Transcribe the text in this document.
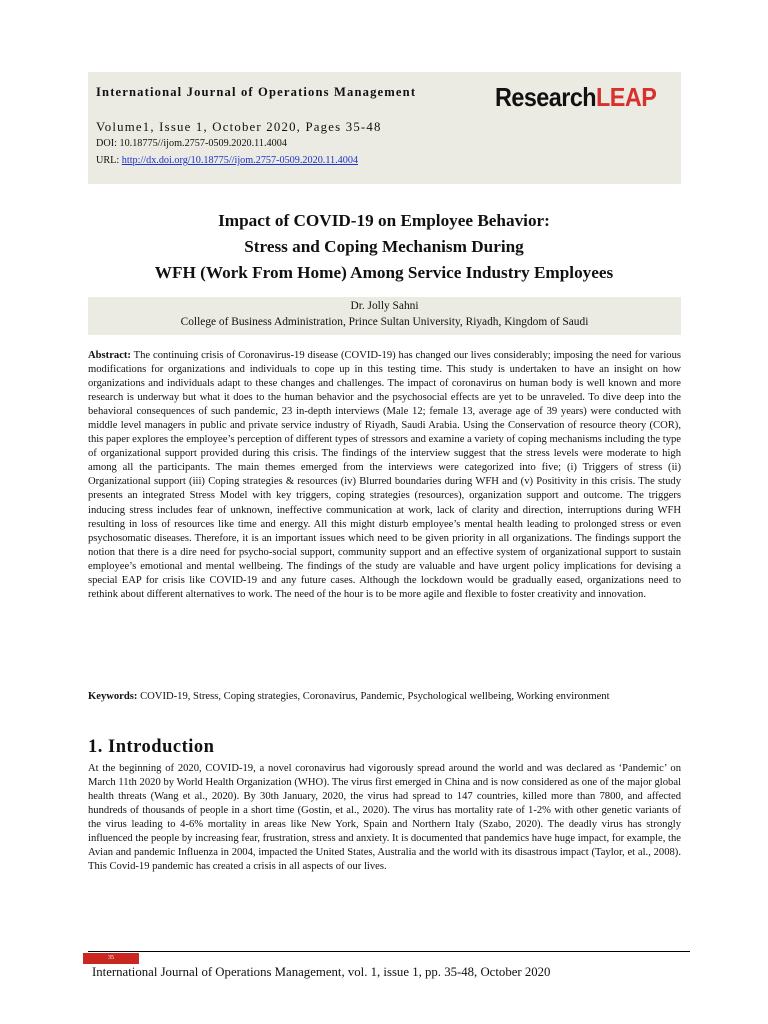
International Journal of Operations Management
Volume1, Issue 1, October 2020, Pages 35-48
DOI: 10.18775//ijom.2757-0509.2020.11.4004
URL: http://dx.doi.org/10.18775//ijom.2757-0509.2020.11.4004
ResearchLEAP
Impact of COVID-19 on Employee Behavior:
Stress and Coping Mechanism During
WFH (Work From Home) Among Service Industry Employees
Dr. Jolly Sahni
College of Business Administration, Prince Sultan University, Riyadh, Kingdom of Saudi
Abstract: The continuing crisis of Coronavirus-19 disease (COVID-19) has changed our lives considerably; imposing the need for various modifications for organizations and individuals to cope up in this testing time. This study is undertaken to have an insight on how organizations and individuals adapt to these changes and challenges. The impact of coronavirus on human body is well known and more research is underway but what it does to the human behavior and the psychosocial effects are yet to be unraveled. To dive deep into the behavioral consequences of such pandemic, 23 in-depth interviews (Male 12; female 13, average age of 39 years) were conducted with middle level managers in public and private service industry of Riyadh, Saudi Arabia. Using the Conservation of resource theory (COR), this paper explores the employee’s perception of different types of stressors and examine a variety of coping mechanisms including the type of organizational support provided during this crisis. The findings of the interview suggest that the stress levels were moderate to high among all the participants. The main themes emerged from the interviews were categorized into five; (i) Triggers of stress (ii) Organizational support (iii) Coping strategies & resources (iv) Blurred boundaries during WFH and (v) Positivity in this crisis. The study presents an integrated Stress Model with key triggers, coping strategies (resources), organization support and outcome. The triggers inducing stress includes fear of unknown, ineffective communication at work, lack of clarity and direction, interruptions during WFH resulting in loss of resources like time and energy. All this might disturb employee’s mental health leading to prolonged stress or even psychosomatic diseases. Therefore, it is an important issues which need to be given priority in all organizations. The findings support the notion that there is a dire need for psycho-social support, community support and an effective system of organizational support to sustain employee’s emotional and mental wellbeing. The findings of the study are valuable and have urgent policy implications for devising a special EAP for crisis like COVID-19 and any future cases. Although the lockdown would be gradually eased, organizations need to rethink about different alternatives to work. The need of the hour is to be more agile and flexible to foster creativity and innovation.
Keywords: COVID-19, Stress, Coping strategies, Coronavirus, Pandemic, Psychological wellbeing, Working environment
1. Introduction
At the beginning of 2020, COVID-19, a novel coronavirus had vigorously spread around the world and was declared as ‘Pandemic’ on March 11th 2020 by World Health Organization (WHO). The virus first emerged in China and is now considered as one of the major global health threats (Wang et al., 2020). By 30th January, 2020, the virus had spread to 147 countries, killed more than 7800, and affected hundreds of thousands of people in a short time (Gostin, et al., 2020). The virus has mortality rate of 1-2% with other genetic variants of the virus leading to 4-6% mortality in areas like New York, Spain and Northern Italy (Szabo, 2020). The deadly virus has strongly influenced the people by increasing fear, frustration, stress and anxiety. It is documented that pandemics have huge impact, for example, the Avian and pandemic Influenza in 2004, impacted the United States, Australia and the world with its disastrous impact (Taylor, et al., 2008). This Covid-19 pandemic has created a crisis in all aspects of our lives.
35
International Journal of Operations Management, vol. 1, issue 1, pp. 35-48, October 2020
